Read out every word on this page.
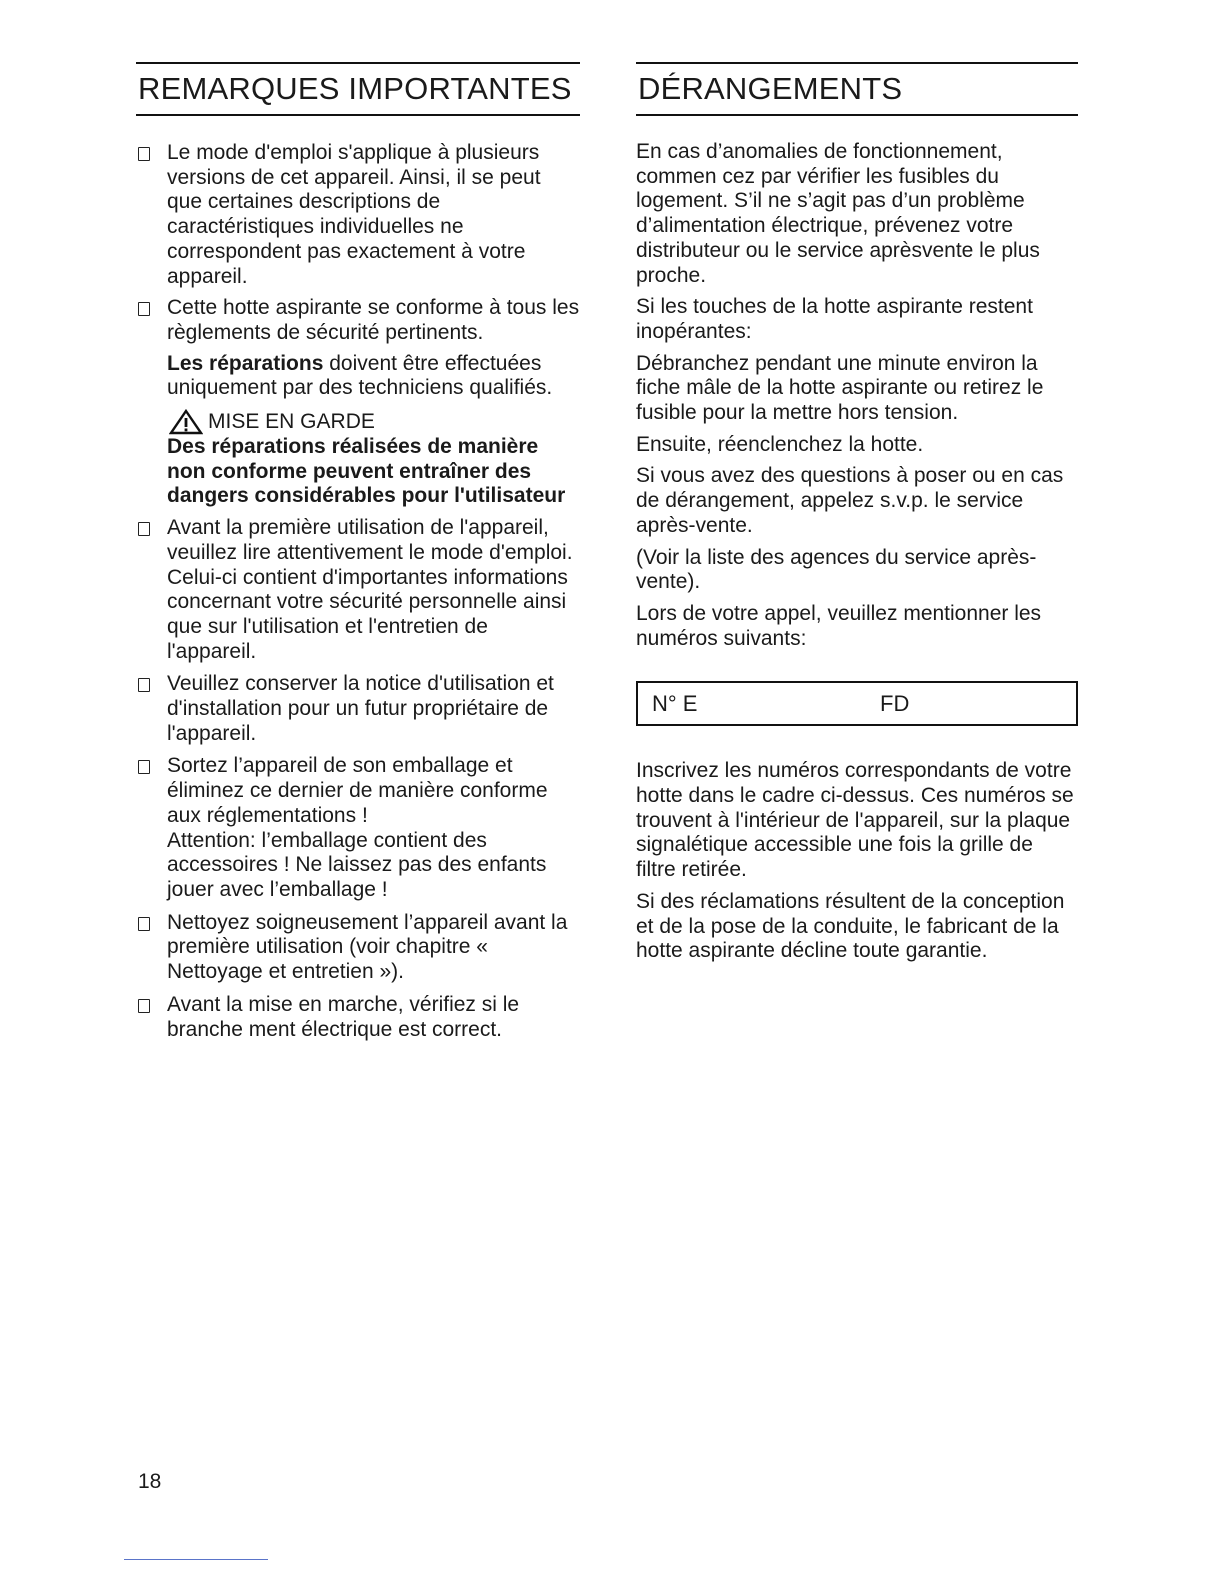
REMARQUES IMPORTANTES
Le mode d'emploi s'applique à plusieurs versions de cet appareil. Ainsi, il se peut que certaines descriptions de caractéristiques individuelles ne correspondent pas exactement à votre appareil.
Cette hotte aspirante se conforme à tous les règlements de sécurité pertinents.
Les réparations doivent être effectuées uniquement par des techniciens qualifiés.
MISE EN GARDE
Des réparations réalisées de manière non conforme peuvent entraîner des dangers considérables pour l'utilisateur
Avant la première utilisation de l'appareil, veuillez lire attentivement le mode d'emploi. Celui-ci contient d'importantes informations concernant votre sécurité personnelle ainsi que sur l'utilisation et l'entretien de l'appareil.
Veuillez conserver la notice d'utilisation et d'installation pour un futur propriétaire de l'appareil.
Sortez l’appareil de son emballage et éliminez ce dernier de manière conforme aux réglementations !
Attention: l’emballage contient des accessoires ! Ne laissez pas des enfants jouer avec l’emballage !
Nettoyez soigneusement l’appareil avant la première utilisation (voir chapitre « Nettoyage et entretien »).
Avant la mise en marche, vérifiez si le branche ment électrique est correct.
DÉRANGEMENTS
En cas d’anomalies de fonctionnement, commen cez par vérifier les fusibles du logement. S’il ne s’agit pas d’un problème d’alimentation électrique, prévenez votre distributeur ou le service aprèsvente le plus proche.
Si les touches de la hotte aspirante restent inopérantes:
Débranchez pendant une minute environ la fiche mâle de la hotte aspirante ou retirez le fusible pour la mettre hors tension.
Ensuite, réenclenchez la hotte.
Si vous avez des questions à poser ou en cas de dérangement, appelez s.v.p. le service après-vente.
(Voir la liste des agences du service après-vente).
Lors de votre appel, veuillez mentionner les numéros suivants:
N° E	FD
Inscrivez les numéros correspondants de votre hotte dans le cadre ci-dessus. Ces numéros se trouvent à l'intérieur de l'appareil, sur la plaque signalétique accessible une fois la grille de filtre retirée.
Si des réclamations résultent de la conception et de la pose de la conduite, le fabricant de la hotte aspirante décline toute garantie.
18
